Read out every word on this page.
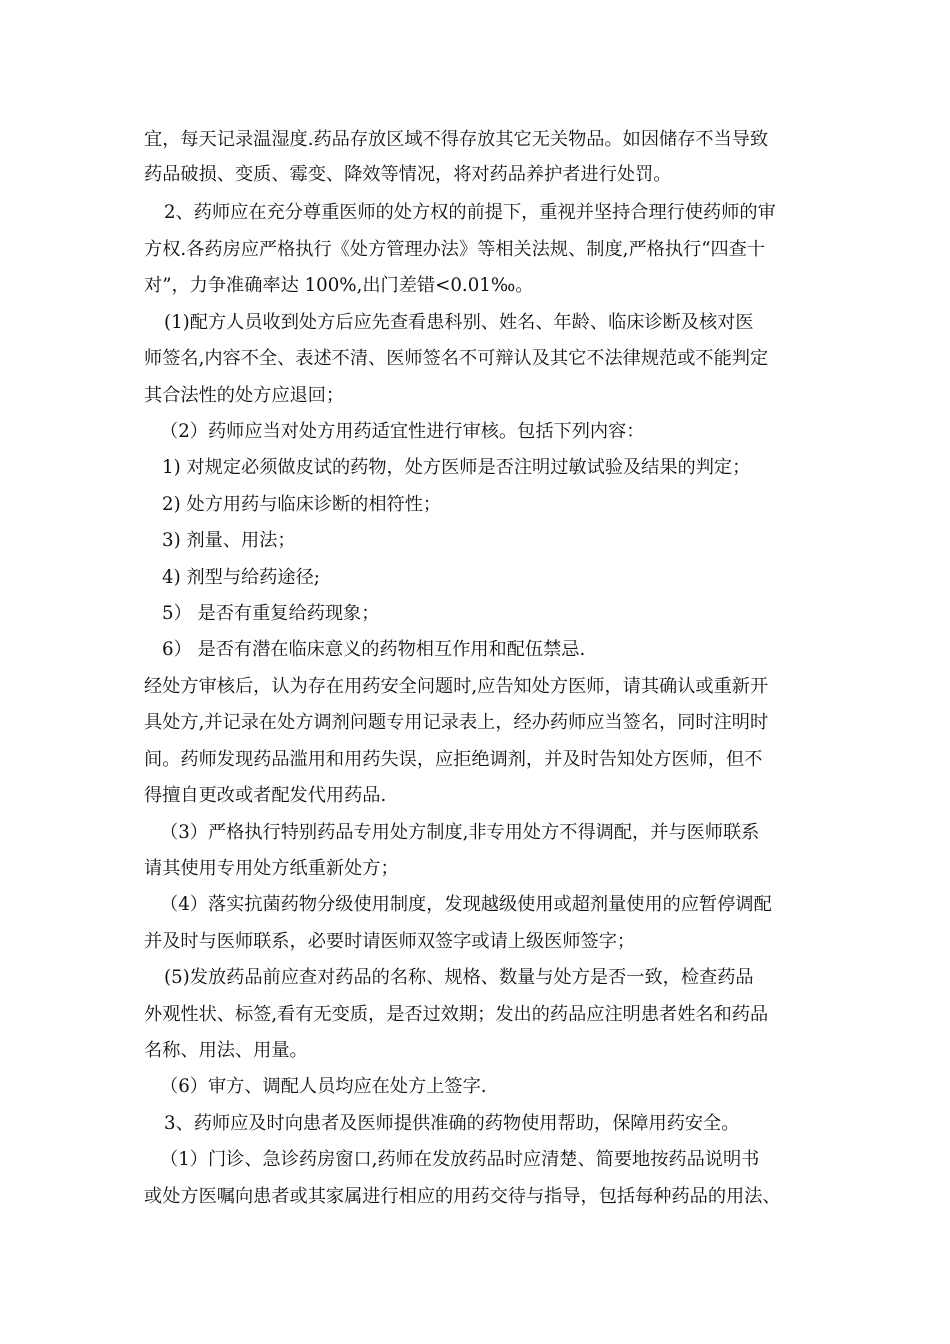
宜，每天记录温湿度.药品存放区域不得存放其它无关物品。如因储存不当导致
药品破损、变质、霉变、降效等情况，将对药品养护者进行处罚。
2、药师应在充分尊重医师的处方权的前提下，重视并坚持合理行使药师的审
方权.各药房应严格执行《处方管理办法》等相关法规、制度,严格执行“四查十
对”，力争准确率达 100%,出门差错<0.01‰。
(1)配方人员收到处方后应先查看患科别、姓名、年龄、临床诊断及核对医
师签名,内容不全、表述不清、医师签名不可辩认及其它不法律规范或不能判定
其合法性的处方应退回；
（2）药师应当对处方用药适宜性进行审核。包括下列内容：
1) 对规定必须做皮试的药物，处方医师是否注明过敏试验及结果的判定；
2) 处方用药与临床诊断的相符性；
3) 剂量、用法；
4) 剂型与给药途径;
5） 是否有重复给药现象；
6） 是否有潜在临床意义的药物相互作用和配伍禁忌.
经处方审核后，认为存在用药安全问题时,应告知处方医师，请其确认或重新开
具处方,并记录在处方调剂问题专用记录表上，经办药师应当签名，同时注明时
间。药师发现药品滥用和用药失误，应拒绝调剂，并及时告知处方医师，但不
得擅自更改或者配发代用药品.
（3）严格执行特别药品专用处方制度,非专用处方不得调配，并与医师联系
请其使用专用处方纸重新处方；
（4）落实抗菌药物分级使用制度，发现越级使用或超剂量使用的应暂停调配
并及时与医师联系，必要时请医师双签字或请上级医师签字；
(5)发放药品前应查对药品的名称、规格、数量与处方是否一致，检查药品
外观性状、标签,看有无变质，是否过效期；发出的药品应注明患者姓名和药品
名称、用法、用量。
（6）审方、调配人员均应在处方上签字.
3、药师应及时向患者及医师提供准确的药物使用帮助，保障用药安全。
（1）门诊、急诊药房窗口,药师在发放药品时应清楚、简要地按药品说明书
或处方医嘱向患者或其家属进行相应的用药交待与指导，包括每种药品的用法、
